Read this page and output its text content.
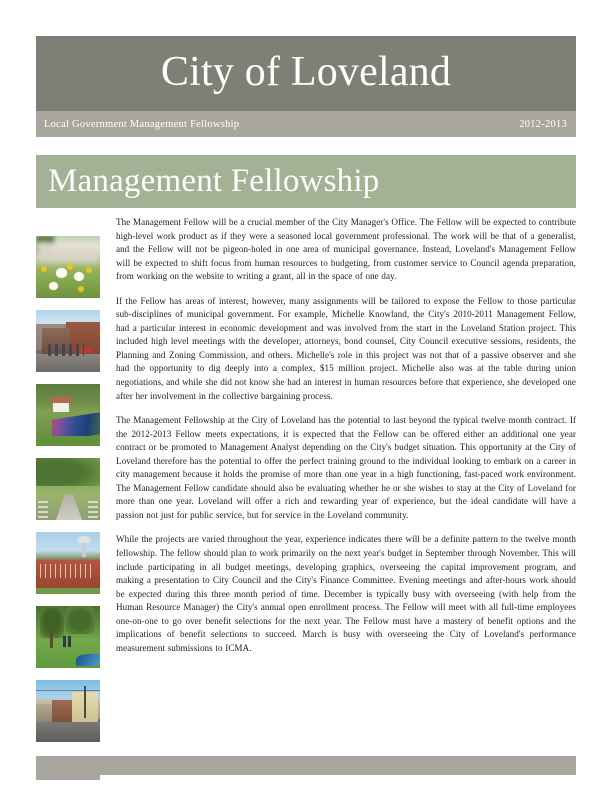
City of Loveland
Local Government Management Fellowship	2012-2013
Management Fellowship

The Management Fellow will be a crucial member of the City Manager's Office. The Fellow will be expected to contribute high-level work product as if they were a seasoned local government professional. The work will be that of a generalist, and the Fellow will not be pigeon-holed in one area of municipal governance. Instead, Loveland's Management Fellow will be expected to shift focus from human resources to budgeting, from customer service to Council agenda preparation, from working on the website to writing a grant, all in the space of one day.

If the Fellow has areas of interest, however, many assignments will be tailored to expose the Fellow to those particular sub-disciplines of municipal government. For example, Michelle Knowland, the City's 2010-2011 Management Fellow, had a particular interest in economic development and was involved from the start in the Loveland Station project. This included high level meetings with the developer, attorneys, bond counsel, City Council executive sessions, residents, the Planning and Zoning Commission, and others. Michelle's role in this project was not that of a passive observer and she had the opportunity to dig deeply into a complex, $15 million project. Michelle also was at the table during union negotiations, and while she did not know she had an interest in human resources before that experience, she developed one after her involvement in the collective bargaining process.

The Management Fellowship at the City of Loveland has the potential to last beyond the typical twelve month contract. If the 2012-2013 Fellow meets expectations, it is expected that the Fellow can be offered either an additional one year contract or be promoted to Management Analyst depending on the City's budget situation. This opportunity at the City of Loveland therefore has the potential to offer the perfect training ground to the individual looking to embark on a career in city management because it holds the promise of more than one year in a high functioning, fast-paced work environment. The Management Fellow candidate should also be evaluating whether he or she wishes to stay at the City of Loveland for more than one year. Loveland will offer a rich and rewarding year of experience, but the ideal candidate will have a passion not just for public service, but for service in the Loveland community.

While the projects are varied throughout the year, experience indicates there will be a definite pattern to the twelve month fellowship. The fellow should plan to work primarily on the next year's budget in September through November. This will include participating in all budget meetings, developing graphics, overseeing the capital improvement program, and making a presentation to City Council and the City's Finance Committee. Evening meetings and after-hours work should be expected during this three month period of time. December is typically busy with overseeing (with help from the Human Resource Manager) the City's annual open enrollment process. The Fellow will meet with all full-time employees one-on-one to go over benefit selections for the next year. The Fellow must have a mastery of benefit options and the implications of benefit selections to succeed. March is busy with overseeing the City of Loveland's performance measurement submissions to ICMA.
